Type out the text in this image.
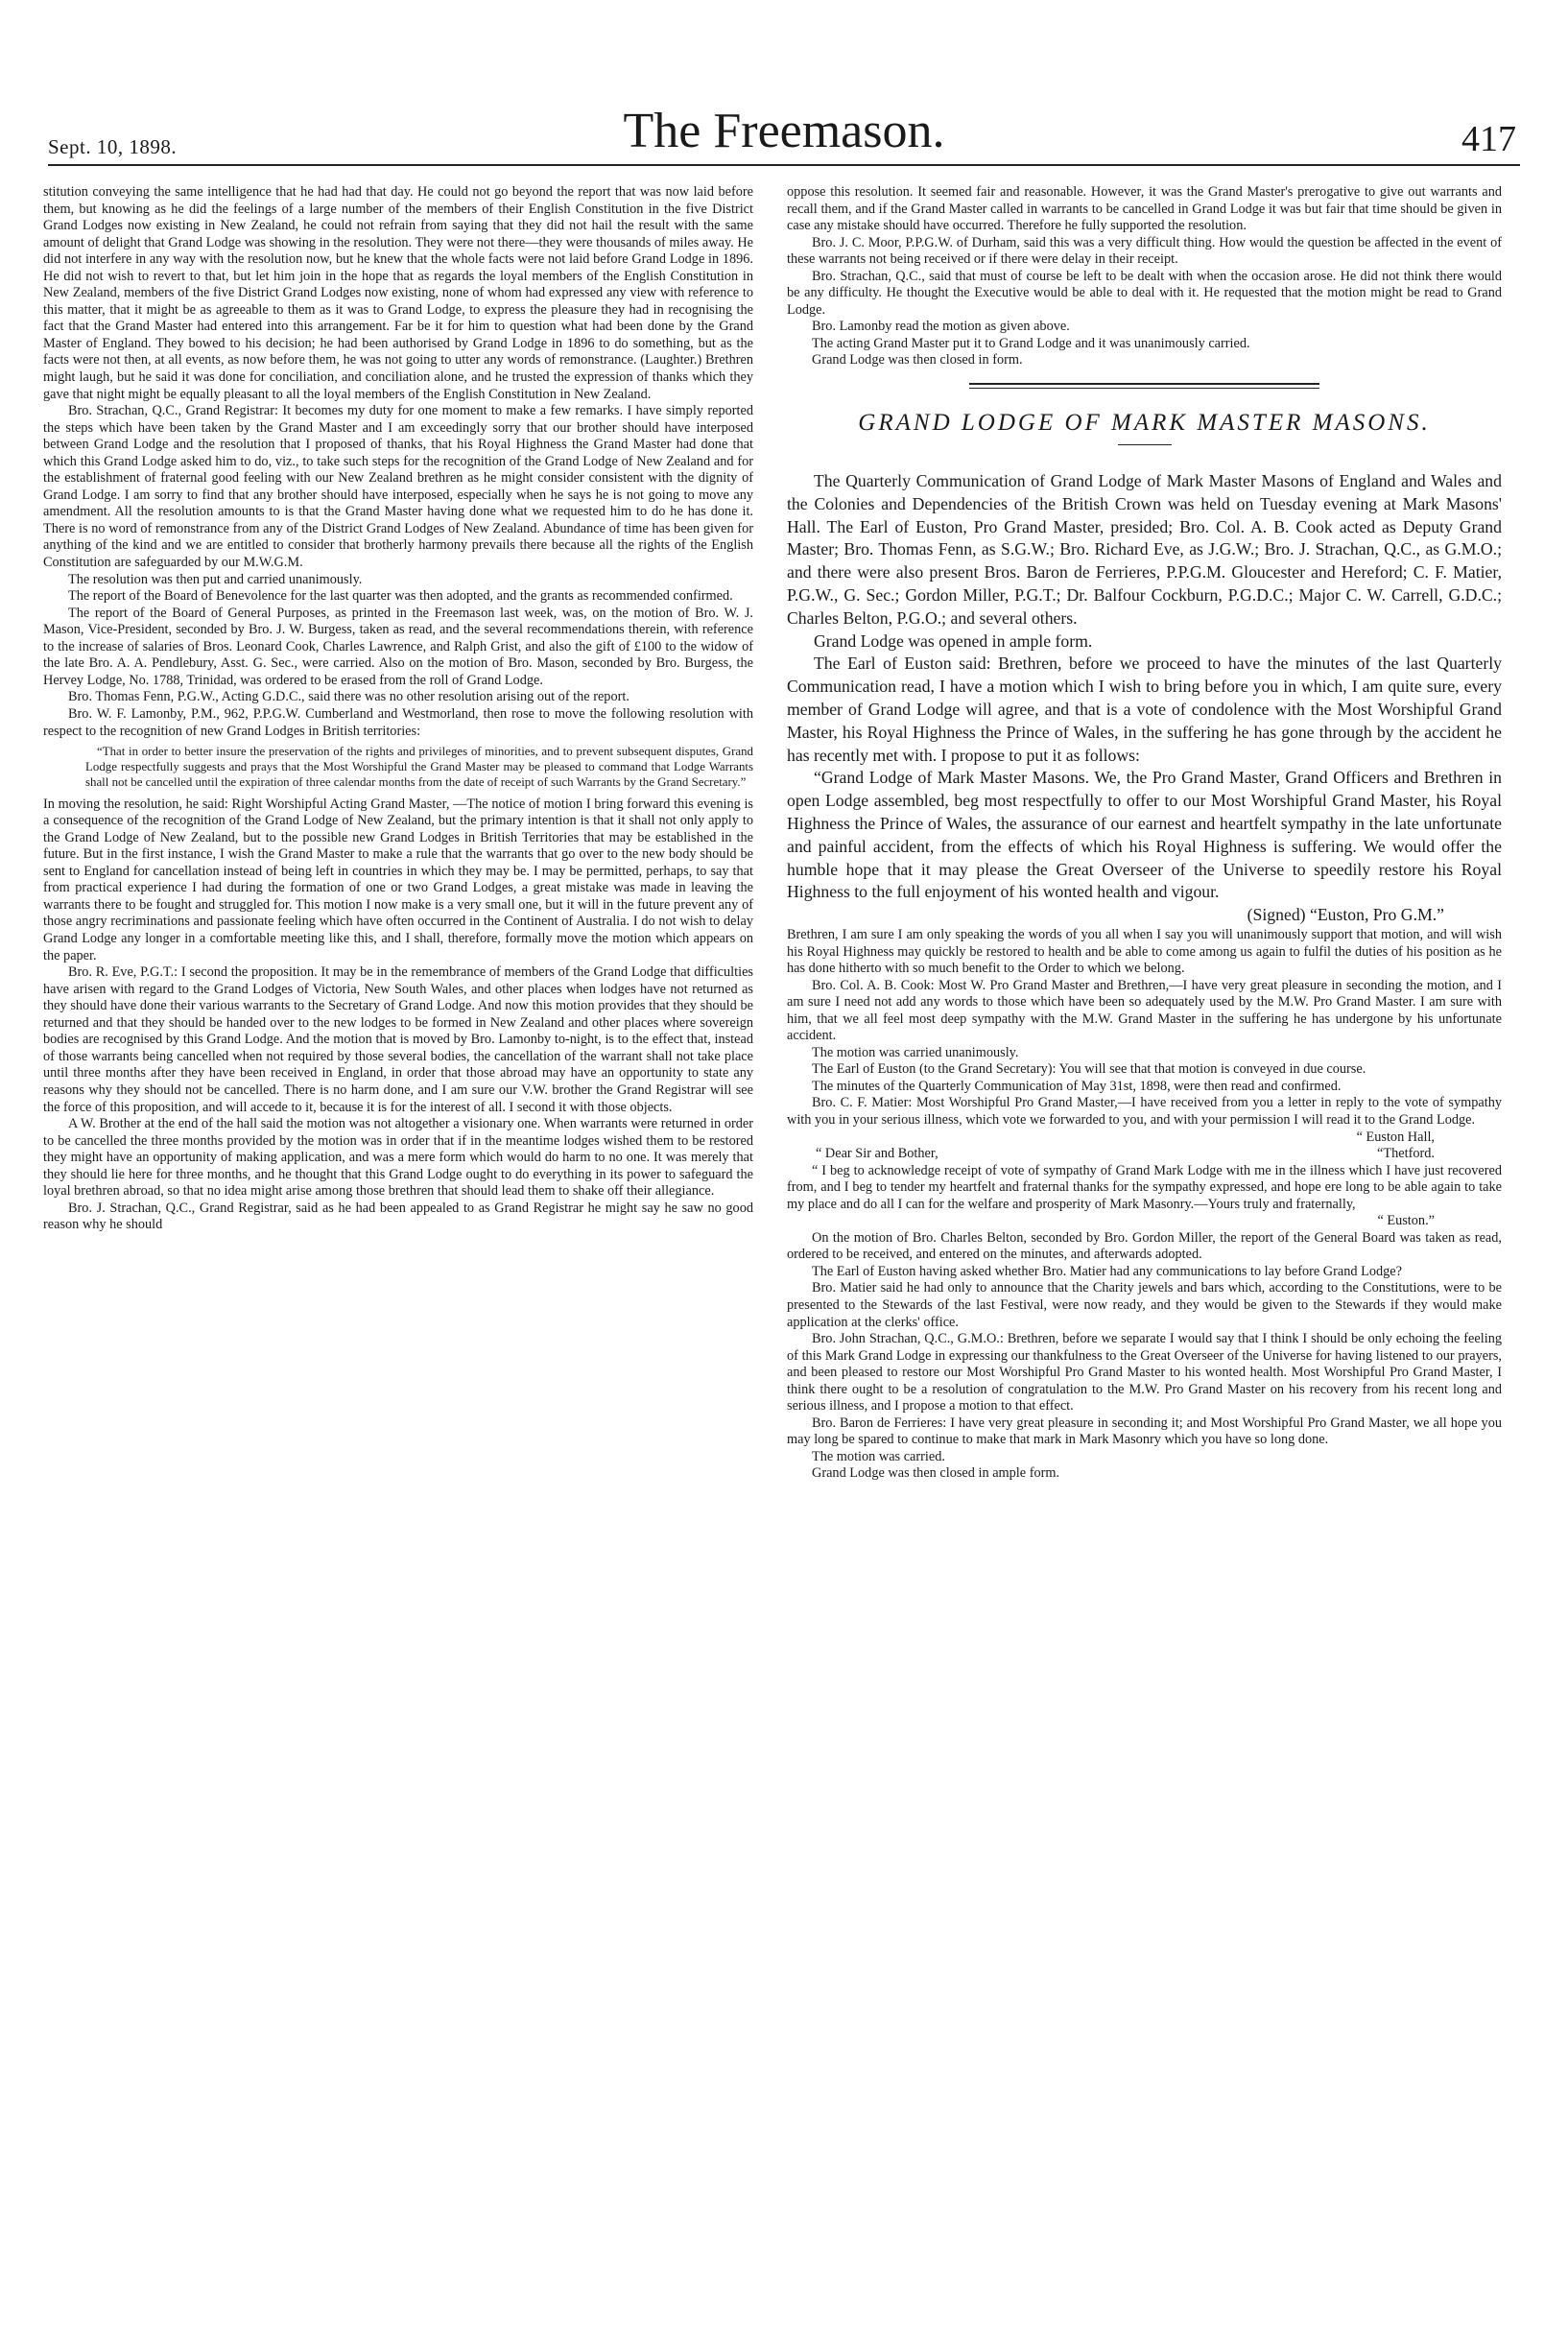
Sept. 10, 1898.	The Freemason.	417

stitution conveying the same intelligence that he had had that day. He could not go beyond the report that was now laid before them, but knowing as he did the feelings of a large number of the members of their English Constitution in the five District Grand Lodges now existing in New Zealand, he could not refrain from saying that they did not hail the result with the same amount of delight that Grand Lodge was showing in the resolution. They were not there—they were thousands of miles away. He did not interfere in any way with the resolution now, but he knew that the whole facts were not laid before Grand Lodge in 1896. He did not wish to revert to that, but let him join in the hope that as regards the loyal members of the English Constitution in New Zealand, members of the five District Grand Lodges now existing, none of whom had expressed any view with reference to this matter, that it might be as agreeable to them as it was to Grand Lodge, to express the pleasure they had in recognising the fact that the Grand Master had entered into this arrangement. Far be it for him to question what had been done by the Grand Master of England. They bowed to his decision; he had been authorised by Grand Lodge in 1896 to do something, but as the facts were not then, at all events, as now before them, he was not going to utter any words of remonstrance. (Laughter.) Brethren might laugh, but he said it was done for conciliation, and conciliation alone, and he trusted the expression of thanks which they gave that night might be equally pleasant to all the loyal members of the English Constitution in New Zealand.

Bro. Strachan, Q.C., Grand Registrar: It becomes my duty for one moment to make a few remarks. I have simply reported the steps which have been taken by the Grand Master and I am exceedingly sorry that our brother should have interposed between Grand Lodge and the resolution that I proposed of thanks, that his Royal Highness the Grand Master had done that which this Grand Lodge asked him to do, viz., to take such steps for the recognition of the Grand Lodge of New Zealand and for the establishment of fraternal good feeling with our New Zealand brethren as he might consider consistent with the dignity of Grand Lodge. I am sorry to find that any brother should have interposed, especially when he says he is not going to move any amendment. All the resolution amounts to is that the Grand Master having done what we requested him to do he has done it. There is no word of remonstrance from any of the District Grand Lodges of New Zealand. Abundance of time has been given for anything of the kind and we are entitled to consider that brotherly harmony prevails there because all the rights of the English Constitution are safeguarded by our M.W.G.M.

The resolution was then put and carried unanimously.

The report of the Board of Benevolence for the last quarter was then adopted, and the grants as recommended confirmed.

The report of the Board of General Purposes, as printed in the Freemason last week, was, on the motion of Bro. W. J. Mason, Vice-President, seconded by Bro. J. W. Burgess, taken as read, and the several recommendations therein, with reference to the increase of salaries of Bros. Leonard Cook, Charles Lawrence, and Ralph Grist, and also the gift of £100 to the widow of the late Bro. A. A. Pendlebury, Asst. G. Sec., were carried. Also on the motion of Bro. Mason, seconded by Bro. Burgess, the Hervey Lodge, No. 1788, Trinidad, was ordered to be erased from the roll of Grand Lodge.

Bro. Thomas Fenn, P.G.W., Acting G.D.C., said there was no other resolution arising out of the report.

Bro. W. F. Lamonby, P.M., 962, P.P.G.W. Cumberland and Westmorland, then rose to move the following resolution with respect to the recognition of new Grand Lodges in British territories:

“That in order to better insure the preservation of the rights and privileges of minorities, and to prevent subsequent disputes, Grand Lodge respectfully suggests and prays that the Most Worshipful the Grand Master may be pleased to command that Lodge Warrants shall not be cancelled until the expiration of three calendar months from the date of receipt of such Warrants by the Grand Secretary.”

In moving the resolution, he said: Right Worshipful Acting Grand Master, —The notice of motion I bring forward this evening is a consequence of the recognition of the Grand Lodge of New Zealand, but the primary intention is that it shall not only apply to the Grand Lodge of New Zealand, but to the possible new Grand Lodges in British Territories that may be established in the future. But in the first instance, I wish the Grand Master to make a rule that the warrants that go over to the new body should be sent to England for cancellation instead of being left in countries in which they may be. I may be permitted, perhaps, to say that from practical experience I had during the formation of one or two Grand Lodges, a great mistake was made in leaving the warrants there to be fought and struggled for. This motion I now make is a very small one, but it will in the future prevent any of those angry recriminations and passionate feeling which have often occurred in the Continent of Australia. I do not wish to delay Grand Lodge any longer in a comfortable meeting like this, and I shall, therefore, formally move the motion which appears on the paper.

Bro. R. Eve, P.G.T.: I second the proposition. It may be in the remembrance of members of the Grand Lodge that difficulties have arisen with regard to the Grand Lodges of Victoria, New South Wales, and other places when lodges have not returned as they should have done their various warrants to the Secretary of Grand Lodge. And now this motion provides that they should be returned and that they should be handed over to the new lodges to be formed in New Zealand and other places where sovereign bodies are recognised by this Grand Lodge. And the motion that is moved by Bro. Lamonby to-night, is to the effect that, instead of those warrants being cancelled when not required by those several bodies, the cancellation of the warrant shall not take place until three months after they have been received in England, in order that those abroad may have an opportunity to state any reasons why they should not be cancelled. There is no harm done, and I am sure our V.W. brother the Grand Registrar will see the force of this proposition, and will accede to it, because it is for the interest of all. I second it with those objects.

A W. Brother at the end of the hall said the motion was not altogether a visionary one. When warrants were returned in order to be cancelled the three months provided by the motion was in order that if in the meantime lodges wished them to be restored they might have an opportunity of making application, and was a mere form which would do harm to no one. It was merely that they should lie here for three months, and he thought that this Grand Lodge ought to do everything in its power to safeguard the loyal brethren abroad, so that no idea might arise among those brethren that should lead them to shake off their allegiance.

Bro. J. Strachan, Q.C., Grand Registrar, said as he had been appealed to as Grand Registrar he might say he saw no good reason why he should

oppose this resolution. It seemed fair and reasonable. However, it was the Grand Master's prerogative to give out warrants and recall them, and if the Grand Master called in warrants to be cancelled in Grand Lodge it was but fair that time should be given in case any mistake should have occurred. Therefore he fully supported the resolution.

Bro. J. C. Moor, P.P.G.W. of Durham, said this was a very difficult thing. How would the question be affected in the event of these warrants not being received or if there were delay in their receipt.

Bro. Strachan, Q.C., said that must of course be left to be dealt with when the occasion arose. He did not think there would be any difficulty. He thought the Executive would be able to deal with it. He requested that the motion might be read to Grand Lodge.

Bro. Lamonby read the motion as given above.

The acting Grand Master put it to Grand Lodge and it was unanimously carried.

Grand Lodge was then closed in form.

GRAND LODGE OF MARK MASTER MASONS.

The Quarterly Communication of Grand Lodge of Mark Master Masons of England and Wales and the Colonies and Dependencies of the British Crown was held on Tuesday evening at Mark Masons' Hall. The Earl of Euston, Pro Grand Master, presided; Bro. Col. A. B. Cook acted as Deputy Grand Master; Bro. Thomas Fenn, as S.G.W.; Bro. Richard Eve, as J.G.W.; Bro. J. Strachan, Q.C., as G.M.O.; and there were also present Bros. Baron de Ferrieres, P.P.G.M. Gloucester and Hereford; C. F. Matier, P.G.W., G. Sec.; Gordon Miller, P.G.T.; Dr. Balfour Cockburn, P.G.D.C.; Major C. W. Carrell, G.D.C.; Charles Belton, P.G.O.; and several others.

Grand Lodge was opened in ample form.

The Earl of Euston said: Brethren, before we proceed to have the minutes of the last Quarterly Communication read, I have a motion which I wish to bring before you in which, I am quite sure, every member of Grand Lodge will agree, and that is a vote of condolence with the Most Worshipful Grand Master, his Royal Highness the Prince of Wales, in the suffering he has gone through by the accident he has recently met with. I propose to put it as follows:

“Grand Lodge of Mark Master Masons. We, the Pro Grand Master, Grand Officers and Brethren in open Lodge assembled, beg most respectfully to offer to our Most Worshipful Grand Master, his Royal Highness the Prince of Wales, the assurance of our earnest and heartfelt sympathy in the late unfortunate and painful accident, from the effects of which his Royal Highness is suffering. We would offer the humble hope that it may please the Great Overseer of the Universe to speedily restore his Royal Highness to the full enjoyment of his wonted health and vigour.

(Signed) “Euston, Pro G.M.”

Brethren, I am sure I am only speaking the words of you all when I say you will unanimously support that motion, and will wish his Royal Highness may quickly be restored to health and be able to come among us again to fulfil the duties of his position as he has done hitherto with so much benefit to the Order to which we belong.

Bro. Col. A. B. Cook: Most W. Pro Grand Master and Brethren,—I have very great pleasure in seconding the motion, and I am sure I need not add any words to those which have been so adequately used by the M.W. Pro Grand Master. I am sure with him, that we all feel most deep sympathy with the M.W. Grand Master in the suffering he has undergone by his unfortunate accident.

The motion was carried unanimously.

The Earl of Euston (to the Grand Secretary): You will see that that motion is conveyed in due course.

The minutes of the Quarterly Communication of May 31st, 1898, were then read and confirmed.

Bro. C. F. Matier: Most Worshipful Pro Grand Master,—I have received from you a letter in reply to the vote of sympathy with you in your serious illness, which vote we forwarded to you, and with your permission I will read it to the Grand Lodge.

“ Euston Hall,

“ Dear Sir and Bother,	“Thetford.

“ I beg to acknowledge receipt of vote of sympathy of Grand Mark Lodge with me in the illness which I have just recovered from, and I beg to tender my heartfelt and fraternal thanks for the sympathy expressed, and hope ere long to be able again to take my place and do all I can for the welfare and prosperity of Mark Masonry.—Yours truly and fraternally,

“ Euston.”

On the motion of Bro. Charles Belton, seconded by Bro. Gordon Miller, the report of the General Board was taken as read, ordered to be received, and entered on the minutes, and afterwards adopted.

The Earl of Euston having asked whether Bro. Matier had any communications to lay before Grand Lodge?

Bro. Matier said he had only to announce that the Charity jewels and bars which, according to the Constitutions, were to be presented to the Stewards of the last Festival, were now ready, and they would be given to the Stewards if they would make application at the clerks' office.

Bro. John Strachan, Q.C., G.M.O.: Brethren, before we separate I would say that I think I should be only echoing the feeling of this Mark Grand Lodge in expressing our thankfulness to the Great Overseer of the Universe for having listened to our prayers, and been pleased to restore our Most Worshipful Pro Grand Master to his wonted health. Most Worshipful Pro Grand Master, I think there ought to be a resolution of congratulation to the M.W. Pro Grand Master on his recovery from his recent long and serious illness, and I propose a motion to that effect.

Bro. Baron de Ferrieres: I have very great pleasure in seconding it; and Most Worshipful Pro Grand Master, we all hope you may long be spared to continue to make that mark in Mark Masonry which you have so long done.

The motion was carried.

Grand Lodge was then closed in ample form.
